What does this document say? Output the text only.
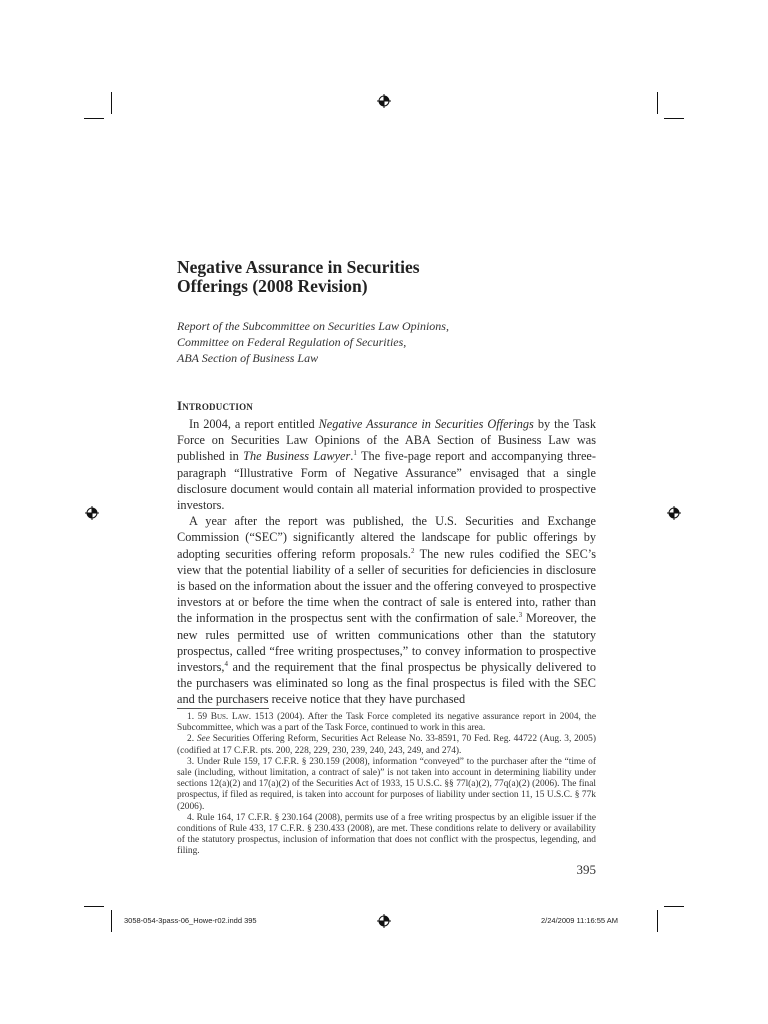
Negative Assurance in Securities
Offerings (2008 Revision)
Report of the Subcommittee on Securities Law Opinions,
Committee on Federal Regulation of Securities,
ABA Section of Business Law
Introduction

In 2004, a report entitled Negative Assurance in Securities Offerings by the Task Force on Securities Law Opinions of the ABA Section of Business Law was published in The Business Lawyer.$^1$ The five-page report and accompanying three-paragraph “Illustrative Form of Negative Assurance” envisaged that a single disclosure document would contain all material information provided to prospective investors.

A year after the report was published, the U.S. Securities and Exchange Commission (“SEC”) significantly altered the landscape for public offerings by adopting securities offering reform proposals.$^2$ The new rules codified the SEC’s view that the potential liability of a seller of securities for deficiencies in disclosure is based on the information about the issuer and the offering conveyed to prospective investors at or before the time when the contract of sale is entered into, rather than the information in the prospectus sent with the confirmation of sale.$^3$ Moreover, the new rules permitted use of written communications other than the statutory prospectus, called “free writing prospectuses,” to convey information to prospective investors,$^4$ and the requirement that the final prospectus be physically delivered to the purchasers was eliminated so long as the final prospectus is filed with the SEC and the purchasers receive notice that they have purchased

1. 59 Bus. Law. 1513 (2004). After the Task Force completed its negative assurance report in 2004, the Subcommittee, which was a part of the Task Force, continued to work in this area.

2. See Securities Offering Reform, Securities Act Release No. 33-8591, 70 Fed. Reg. 44722 (Aug. 3, 2005) (codified at 17 C.F.R. pts. 200, 228, 229, 230, 239, 240, 243, 249, and 274).

3. Under Rule 159, 17 C.F.R. § 230.159 (2008), information “conveyed” to the purchaser after the “time of sale (including, without limitation, a contract of sale)” is not taken into account in determining liability under sections 12(a)(2) and 17(a)(2) of the Securities Act of 1933, 15 U.S.C. §§ 77l(a)(2), 77q(a)(2) (2006). The final prospectus, if filed as required, is taken into account for purposes of liability under section 11, 15 U.S.C. § 77k (2006).

4. Rule 164, 17 C.F.R. § 230.164 (2008), permits use of a free writing prospectus by an eligible issuer if the conditions of Rule 433, 17 C.F.R. § 230.433 (2008), are met. These conditions relate to delivery or availability of the statutory prospectus, inclusion of information that does not conflict with the prospectus, legending, and filing.

395
3058-054-3pass-06_Howe-r02.indd 395	2/24/2009 11:16:55 AM
